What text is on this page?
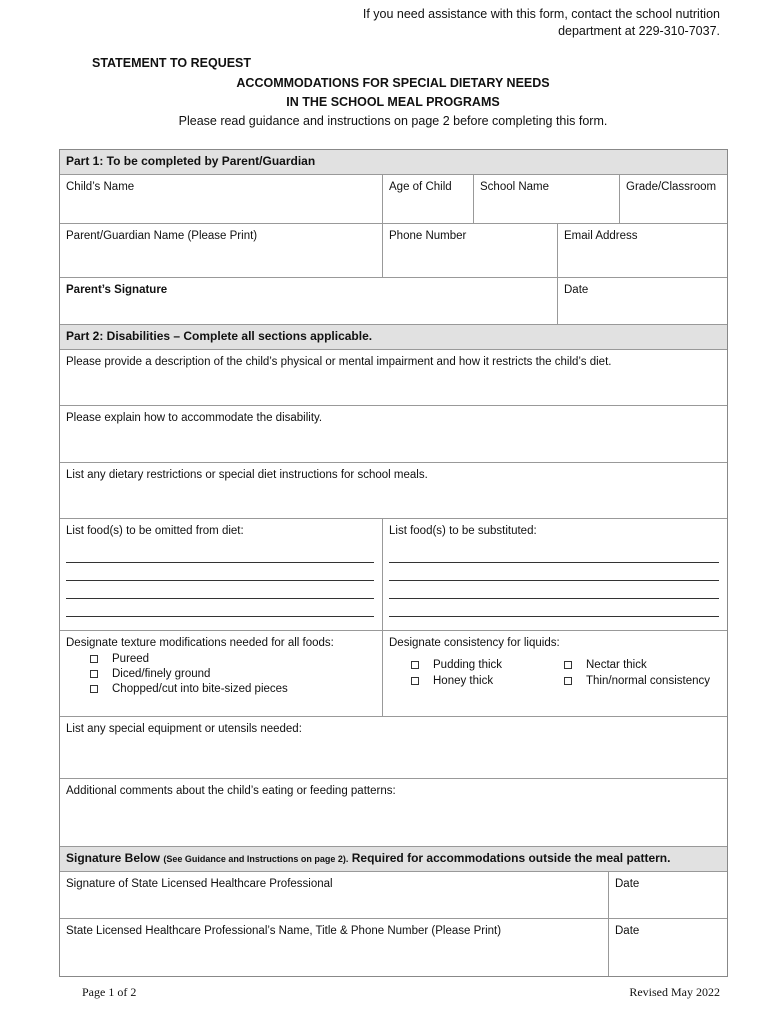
If you need assistance with this form, contact the school nutrition
department at 229-310-7037.
STATEMENT TO REQUEST
ACCOMMODATIONS FOR SPECIAL DIETARY NEEDS
IN THE SCHOOL MEAL PROGRAMS
Please read guidance and instructions on page 2 before completing this form.
Part 1: To be completed by Parent/Guardian
Child’s Name	Age of Child	School Name	Grade/Classroom
Parent/Guardian Name (Please Print)	Phone Number	Email Address
Parent’s Signature	Date
Part 2: Disabilities – Complete all sections applicable.
Please provide a description of the child’s physical or mental impairment and how it restricts the child’s diet.
Please explain how to accommodate the disability.
List any dietary restrictions or special diet instructions for school meals.
List food(s) to be omitted from diet:	List food(s) to be substituted:
Designate texture modifications needed for all foods:
Pureed
Diced/finely ground
Chopped/cut into bite-sized pieces
Designate consistency for liquids:
Pudding thick
Honey thick
Nectar thick
Thin/normal consistency
List any special equipment or utensils needed:
Additional comments about the child’s eating or feeding patterns:
Signature Below (See Guidance and Instructions on page 2). Required for accommodations outside the meal pattern.
Signature of State Licensed Healthcare Professional	Date
State Licensed Healthcare Professional’s Name, Title & Phone Number (Please Print)	Date
Page 1 of 2	Revised May 2022
